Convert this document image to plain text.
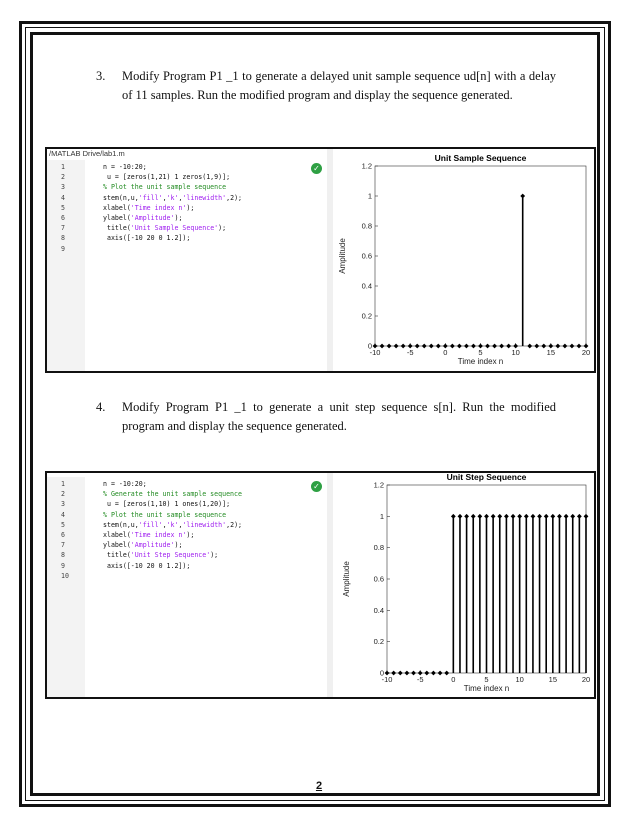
3. Modify Program P1 _1 to generate a delayed unit sample sequence ud[n] with a delay of 11 samples. Run the modified program and display the sequence generated.
/MATLAB Drive/lab1.m
1
2
3
4
5
6
7
8
9
n = -10:20;
u = [zeros(1,21) 1 zeros(1,9)];
% Plot the unit sample sequence
stem(n,u,'fill','k','linewidth',2);
xlabel('Time index n');
ylabel('Amplitude');
title('Unit Sample Sequence');
axis([-10 20 0 1.2]);
✓
-10	-5	0	5	10	15	20
0
0.2
0.4
0.6
0.8
1
1.2
Unit Sample Sequence
Time index n
Amplitude
4. Modify Program P1 _1 to generate a unit step sequence s[n]. Run the modified program and display the sequence generated.
1
2
3
4
5
6
7
8
9
10
n = -10:20;
% Generate the unit sample sequence
u = [zeros(1,10) 1 ones(1,20)];
% Plot the unit sample sequence
stem(n,u,'fill','k','linewidth',2);
xlabel('Time index n');
ylabel('Amplitude');
title('Unit Step Sequence');
axis([-10 20 0 1.2]);
✓
-10	-5	0	5	10	15	20
0
0.2
0.4
0.6
0.8
1
1.2
Unit Step Sequence
Time index n
Amplitude
2
